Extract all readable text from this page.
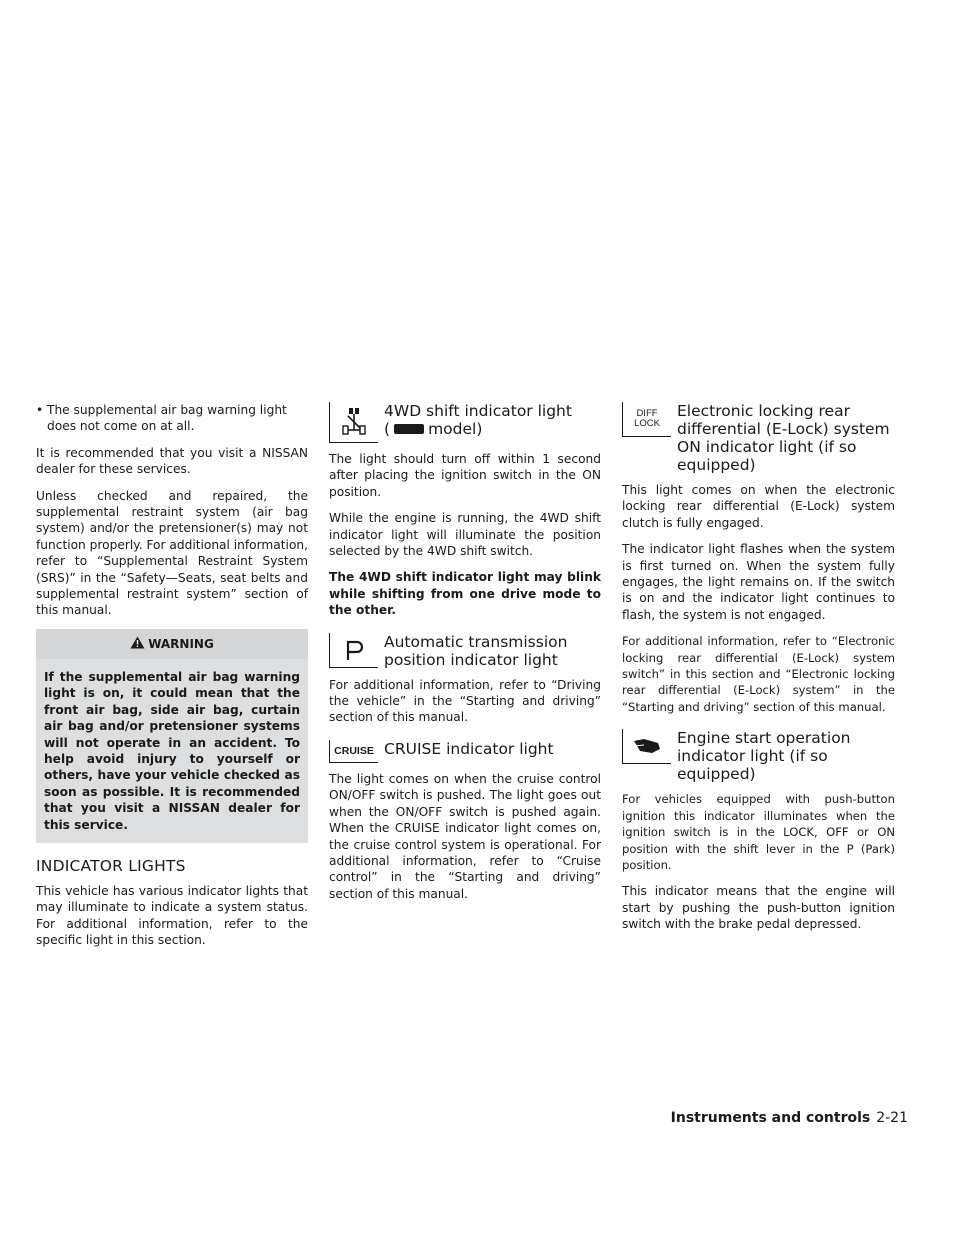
• The supplemental air bag warning light does not come on at all.

It is recommended that you visit a NISSAN dealer for these services.

Unless checked and repaired, the supplemental restraint system (air bag system) and/or the pretensioner(s) may not function properly. For additional information, refer to “Supplemental Restraint System (SRS)” in the “Safety—Seats, seat belts and supplemental restraint system” section of this manual.

WARNING
If the supplemental air bag warning light is on, it could mean that the front air bag, side air bag, curtain air bag and/or pretensioner systems will not operate in an accident. To help avoid injury to yourself or others, have your vehicle checked as soon as possible. It is recommended that you visit a NISSAN dealer for this service.
INDICATOR LIGHTS

This vehicle has various indicator lights that may illuminate to indicate a system status. For additional information, refer to the specific light in this section.

4WD shift indicator light
( model)

The light should turn off within 1 second after placing the ignition switch in the ON position.

While the engine is running, the 4WD shift indicator light will illuminate the position selected by the 4WD shift switch.

The 4WD shift indicator light may blink while shifting from one drive mode to the other.

Automatic transmission position indicator light

For additional information, refer to “Driving the vehicle” in the “Starting and driving” section of this manual.

CRUISE CRUISE indicator light

The light comes on when the cruise control ON/OFF switch is pushed. The light goes out when the ON/OFF switch is pushed again. When the CRUISE indicator light comes on, the cruise control system is operational. For additional information, refer to “Cruise control” in the “Starting and driving” section of this manual.

DIFF
LOCK
Electronic locking rear differential (E-Lock) system ON indicator light (if so equipped)

This light comes on when the electronic locking rear differential (E-Lock) system clutch is fully engaged.

The indicator light flashes when the system is first turned on. When the system fully engages, the light remains on. If the switch is on and the indicator light continues to flash, the system is not engaged.

For additional information, refer to “Electronic locking rear differential (E-Lock) system switch” in this section and “Electronic locking rear differential (E-Lock) system” in the “Starting and driving” section of this manual.

Engine start operation indicator light (if so equipped)

For vehicles equipped with push-button ignition this indicator illuminates when the ignition switch is in the LOCK, OFF or ON position with the shift lever in the P (Park) position.

This indicator means that the engine will start by pushing the push-button ignition switch with the brake pedal depressed.

Instruments and controls 2-21
